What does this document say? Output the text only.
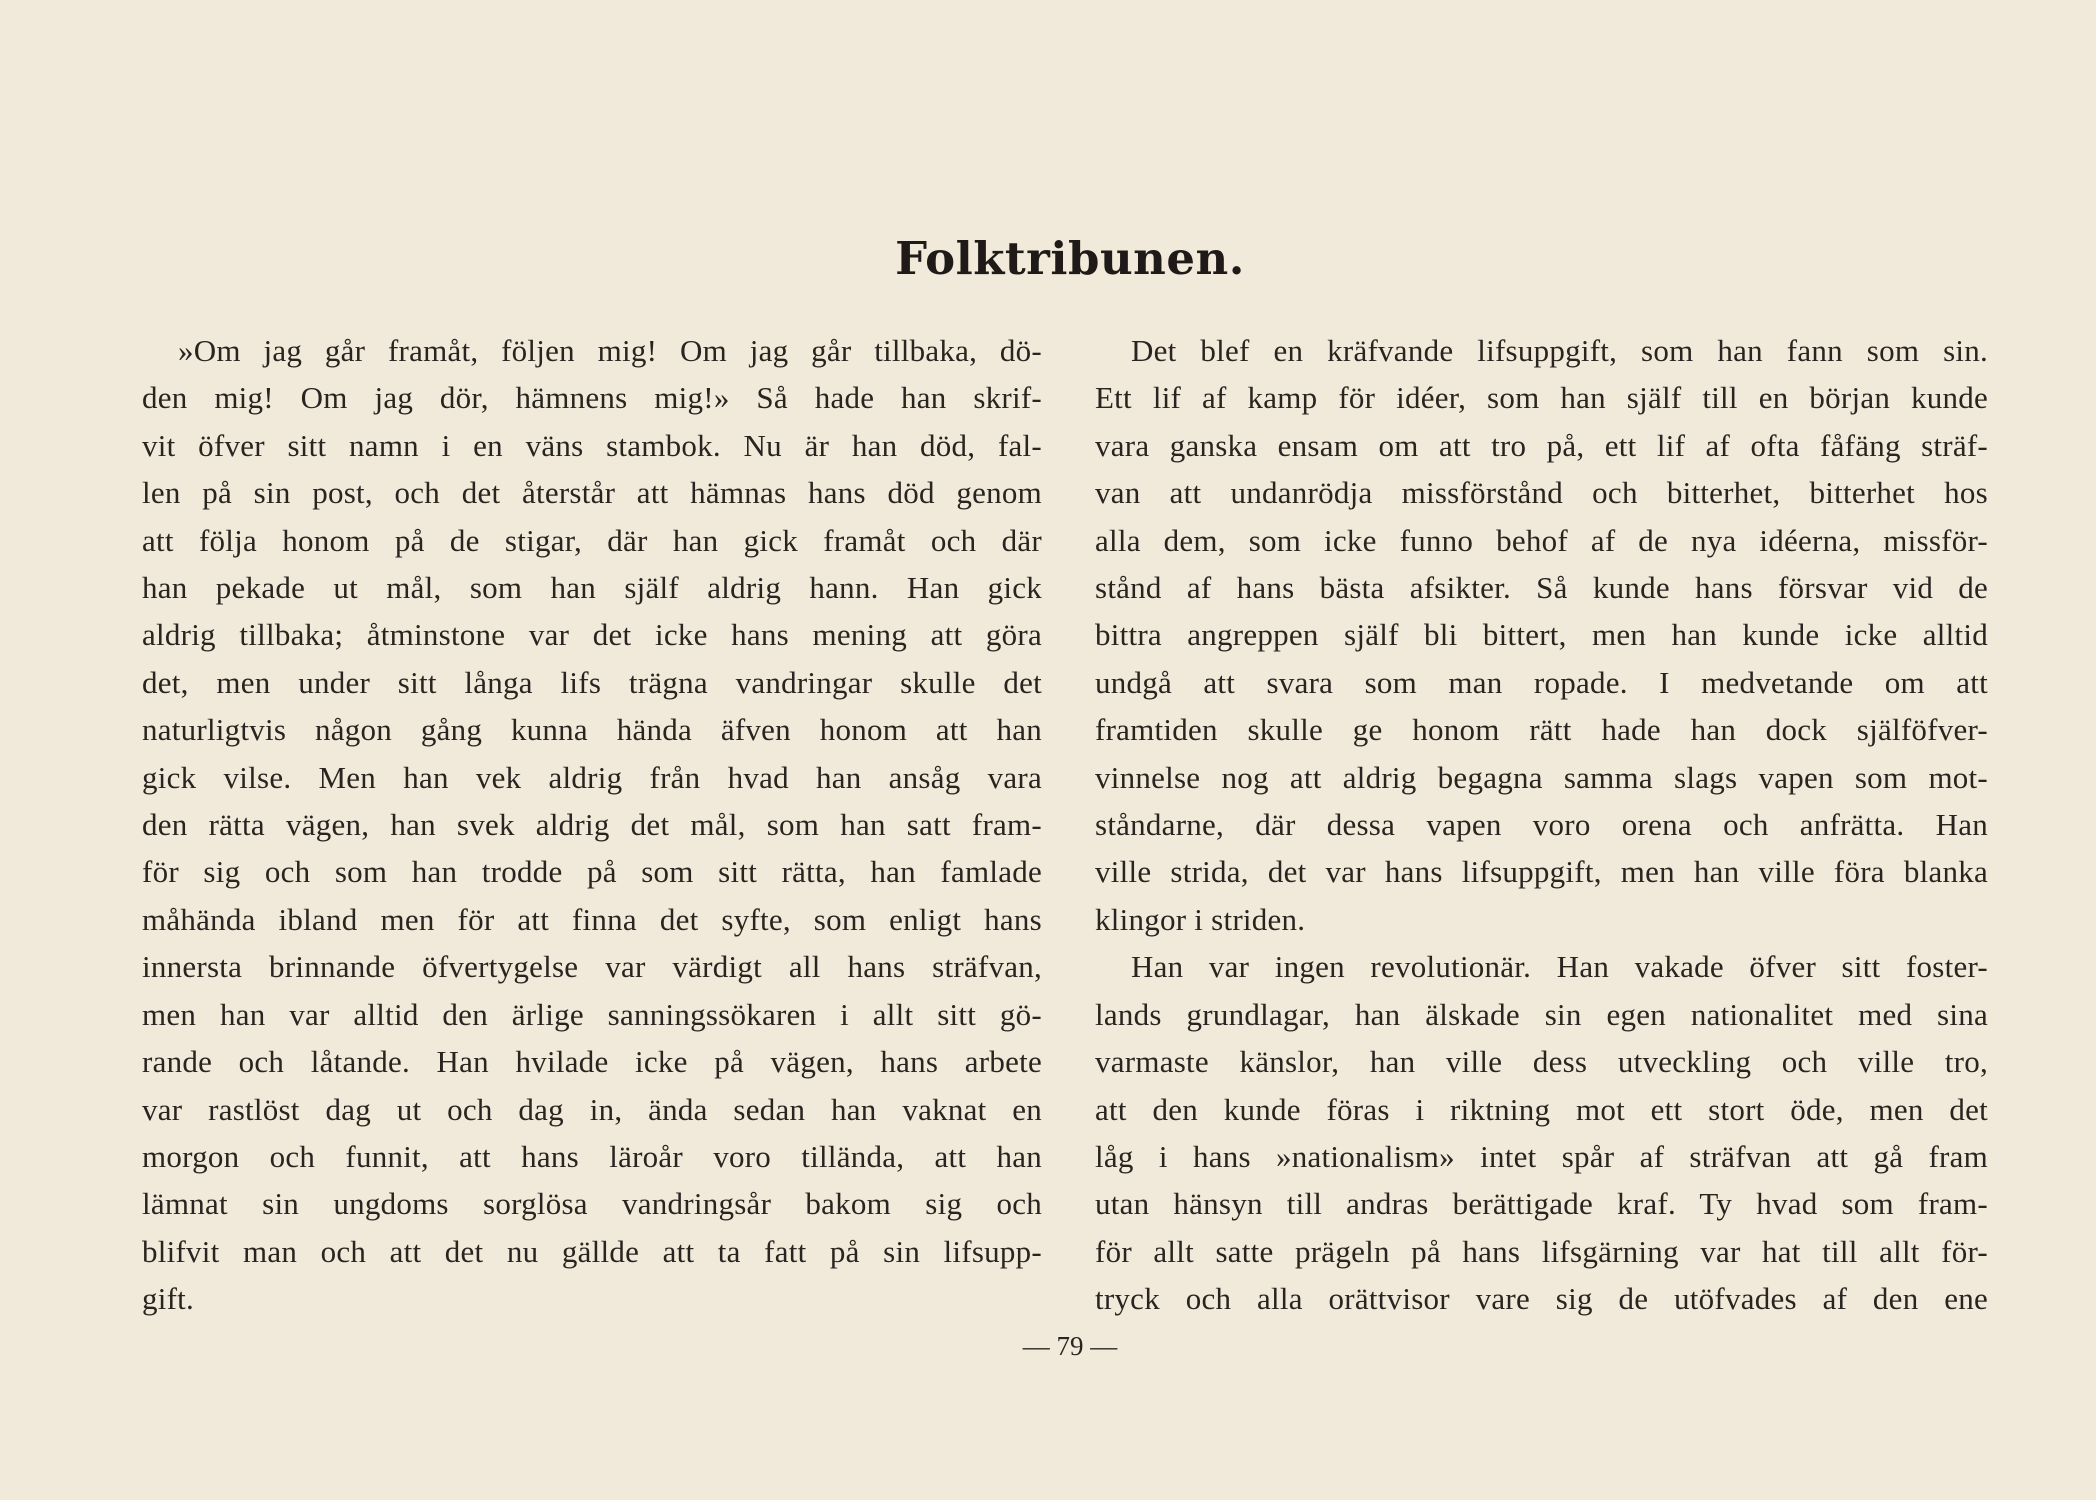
Folktribunen.
»Om jag går framåt, följen mig! Om jag går tillbaka, dö-
den mig! Om jag dör, hämnens mig!» Så hade han skrif-
vit öfver sitt namn i en väns stambok. Nu är han död, fal-
len på sin post, och det återstår att hämnas hans död genom
att följa honom på de stigar, där han gick framåt och där
han pekade ut mål, som han själf aldrig hann. Han gick
aldrig tillbaka; åtminstone var det icke hans mening att göra
det, men under sitt långa lifs trägna vandringar skulle det
naturligtvis någon gång kunna hända äfven honom att han
gick vilse. Men han vek aldrig från hvad han ansåg vara
den rätta vägen, han svek aldrig det mål, som han satt fram-
för sig och som han trodde på som sitt rätta, han famlade
måhända ibland men för att finna det syfte, som enligt hans
innersta brinnande öfvertygelse var värdigt all hans sträfvan,
men han var alltid den ärlige sanningssökaren i allt sitt gö-
rande och låtande. Han hvilade icke på vägen, hans arbete
var rastlöst dag ut och dag in, ända sedan han vaknat en
morgon och funnit, att hans läroår voro tillända, att han
lämnat sin ungdoms sorglösa vandringsår bakom sig och
blifvit man och att det nu gällde att ta fatt på sin lifsupp-
gift.
Det blef en kräfvande lifsuppgift, som han fann som sin.
Ett lif af kamp för idéer, som han själf till en början kunde
vara ganska ensam om att tro på, ett lif af ofta fåfäng sträf-
van att undanrödja missförstånd och bitterhet, bitterhet hos
alla dem, som icke funno behof af de nya idéerna, missför-
stånd af hans bästa afsikter. Så kunde hans försvar vid de
bittra angreppen själf bli bittert, men han kunde icke alltid
undgå att svara som man ropade. I medvetande om att
framtiden skulle ge honom rätt hade han dock själföfver-
vinnelse nog att aldrig begagna samma slags vapen som mot-
ståndarne, där dessa vapen voro orena och anfrätta. Han
ville strida, det var hans lifsuppgift, men han ville föra blanka
klingor i striden.
Han var ingen revolutionär. Han vakade öfver sitt foster-
lands grundlagar, han älskade sin egen nationalitet med sina
varmaste känslor, han ville dess utveckling och ville tro,
att den kunde föras i riktning mot ett stort öde, men det
låg i hans »nationalism» intet spår af sträfvan att gå fram
utan hänsyn till andras berättigade kraf. Ty hvad som fram-
för allt satte prägeln på hans lifsgärning var hat till allt för-
tryck och alla orättvisor vare sig de utöfvades af den ene
— 79 —
